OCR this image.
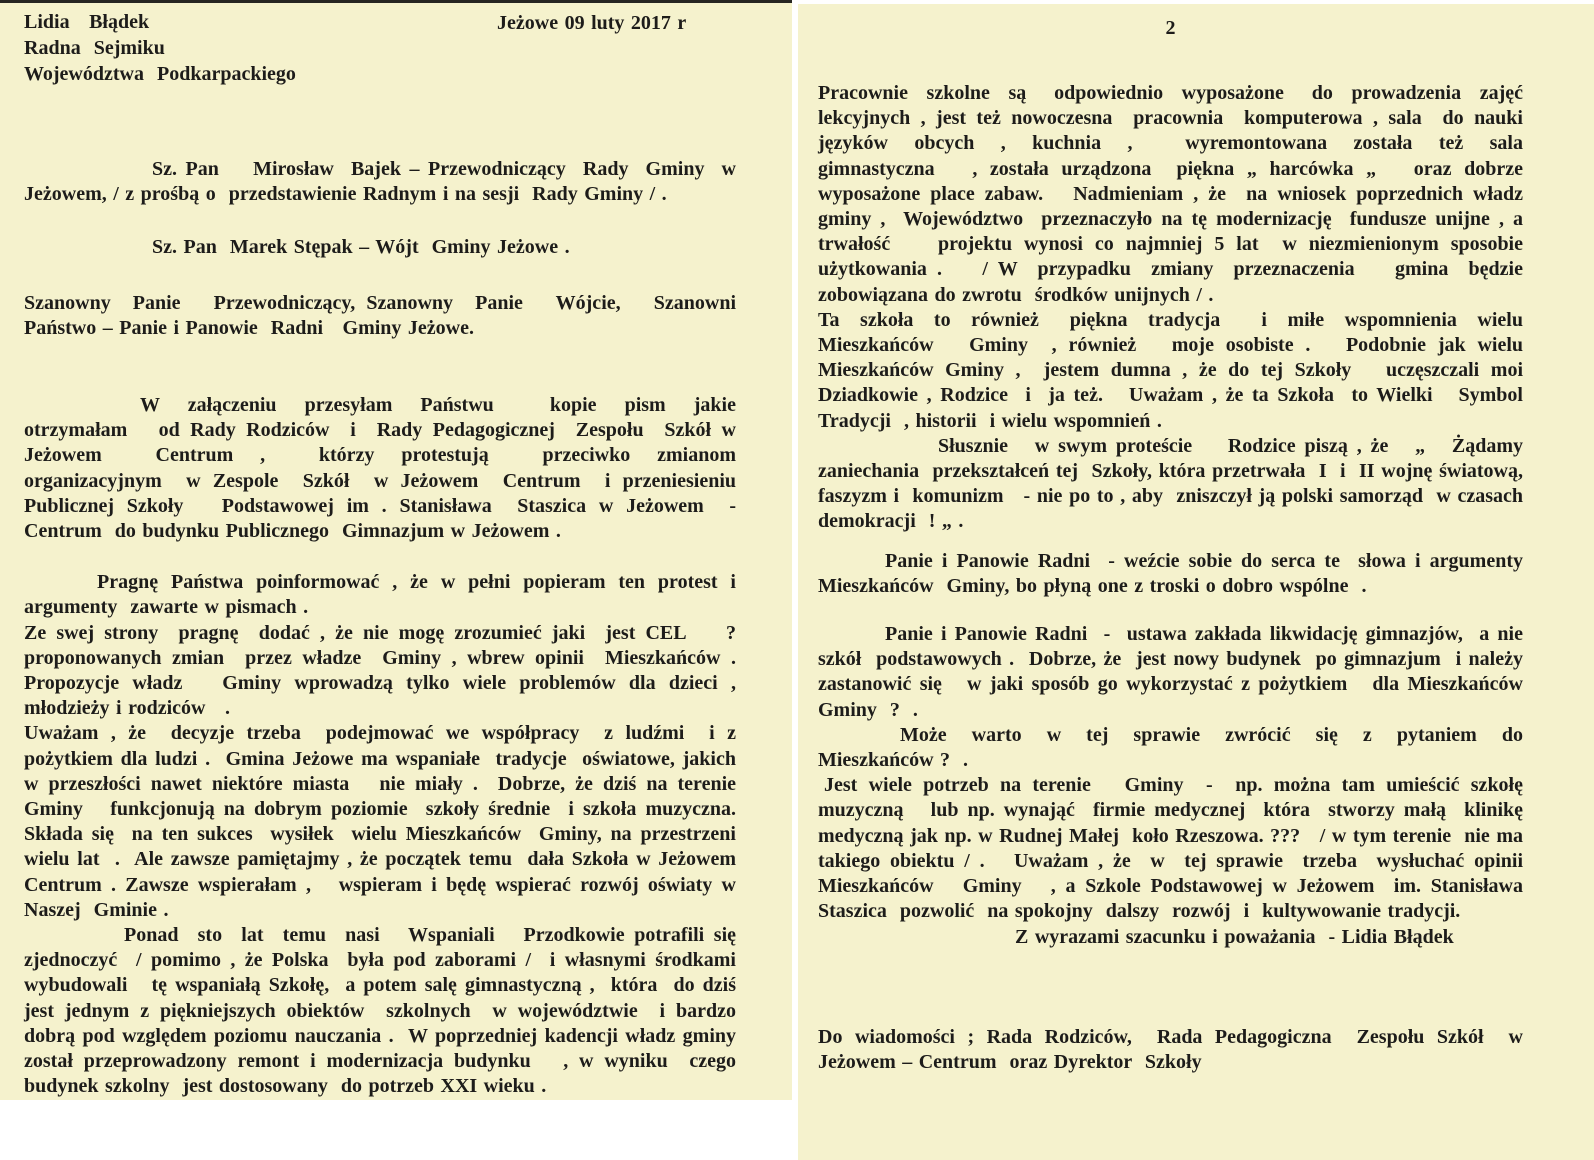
Lidia   Błądek

Radna  Sejmiku

Województwa  Podkarpackiego

Jeżowe 09 luty 2017 r

Sz. Pan    Mirosław  Bajek – Przewodniczący  Rady  Gminy  w Jeżowem, / z prośbą o  przedstawienie Radnym i na sesji  Rady Gminy / .

Sz. Pan  Marek Stępak – Wójt  Gminy Jeżowe .

Szanowny  Panie   Przewodniczący, Szanowny  Panie   Wójcie,   Szanowni Państwo – Panie i Panowie  Radni   Gminy Jeżowe.

W  załączeniu  przesyłam  Państwu    kopie  pism  jakie otrzymałam   od Rady Rodziców  i  Rady Pedagogicznej  Zespołu  Szkół w Jeżowem    Centrum  ,    którzy  protestują    przeciwko  zmianom organizacyjnym  w Zespole  Szkół  w Jeżowem  Centrum  i przeniesieniu Publicznej Szkoły   Podstawowej im . Stanisława  Staszica w Jeżowem  - Centrum  do budynku Publicznego  Gimnazjum w Jeżowem .

Pragnę Państwa poinformować , że w pełni popieram ten protest i argumenty  zawarte w pismach .

Ze swej strony  pragnę  dodać , że nie mogę zrozumieć jaki  jest CEL    ? proponowanych zmian  przez władze  Gminy , wbrew opinii  Mieszkańców . Propozycje władz   Gminy wprowadzą tylko wiele problemów dla dzieci , młodzieży i rodziców   .

Uważam , że  decyzje trzeba  podejmować we współpracy  z ludźmi  i z pożytkiem dla ludzi .  Gmina Jeżowe ma wspaniałe  tradycje  oświatowe, jakich  w przeszłości nawet niektóre miasta   nie miały .  Dobrze, że dziś na terenie Gminy   funkcjonują na dobrym poziomie  szkoły średnie  i szkoła muzyczna.  Składa się  na ten sukces  wysiłek  wielu Mieszkańców  Gminy, na przestrzeni wielu lat  .  Ale zawsze pamiętajmy , że początek temu  dała Szkoła w Jeżowem Centrum . Zawsze wspierałam ,   wspieram i będę wspierać rozwój oświaty w Naszej  Gminie .

Ponad  sto  lat  temu  nasi   Wspaniali   Przodkowie potrafili się zjednoczyć  / pomimo , że Polska  była pod zaborami /  i własnymi środkami wybudowali   tę wspaniałą Szkołę,  a potem salę gimnastyczną ,  która  do dziś  jest jednym z piękniejszych obiektów  szkolnych  w województwie  i bardzo dobrą pod względem poziomu nauczania .  W poprzedniej kadencji władz gminy został przeprowadzony remont i modernizacja budynku   , w wyniku  czego budynek szkolny  jest dostosowany  do potrzeb XXI wieku .

2

Pracownie  szkolne  są   odpowiednio  wyposażone   do  prowadzenia  zajęć lekcyjnych , jest też nowoczesna  pracownia  komputerowa , sala  do nauki języków  obcych  ,  kuchnia  ,    wyremontowana  została  też  sala gimnastyczna   , została urządzona  piękna „ harcówka „   oraz dobrze wyposażone place zabaw.   Nadmieniam , że  na wniosek poprzednich władz gminy ,  Województwo  przeznaczyło na tę modernizację  fundusze unijne , a trwałość    projektu wynosi co najmniej 5 lat  w niezmienionym sposobie użytkowania .    / W  przypadku  zmiany  przeznaczenia    gmina  będzie zobowiązana do zwrotu  środków unijnych / .

Ta  szkoła  to  również   piękna  tradycja    i  miłe  wspomnienia  wielu Mieszkańców   Gminy  , również   moje osobiste .   Podobnie jak wielu Mieszkańców Gminy ,  jestem dumna , że do tej Szkoły   uczęszczali moi Dziadkowie , Rodzice  i  ja też.   Uważam , że ta Szkoła  to Wielki   Symbol Tradycji  , historii  i wielu wspomnień .

Słusznie   w swym proteście    Rodzice piszą , że   „   Żądamy zaniechania  przekształceń tej  Szkoły, która przetrwała  I  i  II wojnę światową,  faszyzm i  komunizm   - nie po to , aby  zniszczył ją polski samorząd  w czasach demokracji  ! „ .

Panie i Panowie Radni  - weźcie sobie do serca te  słowa i argumenty Mieszkańców  Gminy, bo płyną one z troski o dobro wspólne  .

Panie i Panowie Radni  -  ustawa zakłada likwidację gimnazjów,  a nie szkół  podstawowych .  Dobrze, że  jest nowy budynek  po gimnazjum  i należy zastanowić się   w jaki sposób go wykorzystać z pożytkiem   dla Mieszkańców  Gminy  ?  .

Może  warto  w  tej  sprawie  zwrócić  się  z  pytaniem  do Mieszkańców ?  .

Jest wiele potrzeb na terenie   Gminy  -  np. można tam umieścić szkołę muzyczną   lub np. wynająć  firmie medycznej  która  stworzy małą  klinikę medyczną jak np. w Rudnej Małej  koło Rzeszowa. ???   / w tym terenie  nie ma takiego obiektu / .   Uważam , że  w  tej sprawie  trzeba  wysłuchać opinii  Mieszkańców   Gminy   , a Szkole Podstawowej w Jeżowem  im. Stanisława  Staszica  pozwolić  na spokojny  dalszy  rozwój  i  kultywowanie tradycji.

Z wyrazami szacunku i poważania  - Lidia Błądek

Do wiadomości ; Rada Rodziców,  Rada Pedagogiczna  Zespołu Szkół  w Jeżowem – Centrum  oraz Dyrektor  Szkoły
